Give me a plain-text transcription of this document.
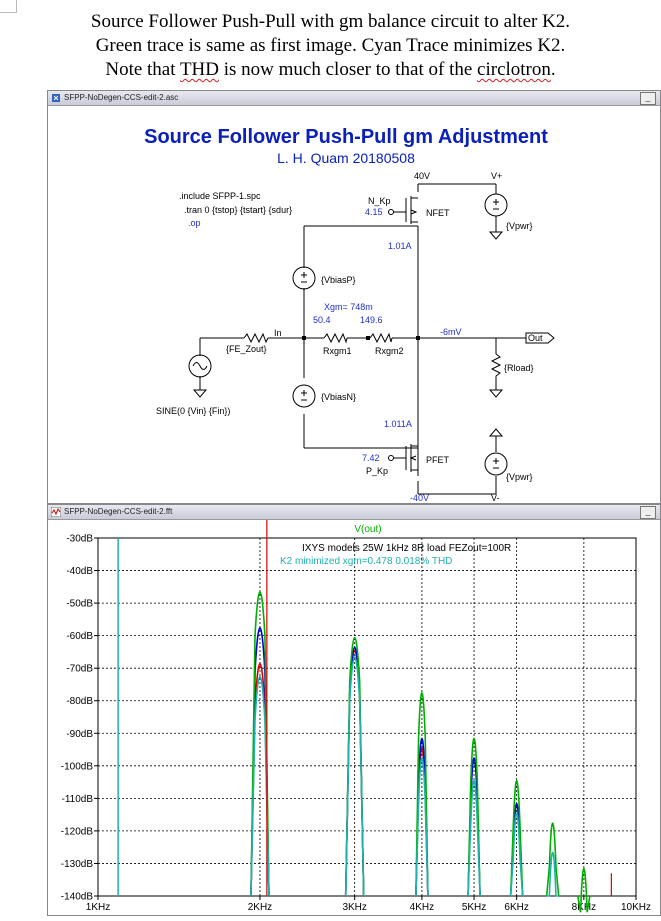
Source Follower Push-Pull with gm balance circuit to alter K2.
Green trace is same as first image. Cyan Trace minimizes K2.
Note that THD is now much closer to that of the circlotron.
SFPP-NoDegen-CCS-edit-2.asc	_
Source Follower Push-Pull gm Adjustment
L. H. Quam 20180508
.include SFPP-1.spc
.tran 0 {tstop} {tstart} {sdur}
.op
40V	V+
N_Kp
4.15	NFET
{Vpwr}
1.01A
{VbiasP}
Xgm= 748m
50.4	149.6
In
{FE_Zout}	Rxgm1	Rxgm2
-6mV
Out
{Rload}
SINE(0 {Vin} {Fin})
{VbiasN}
1.011A
7.42
P_Kp
PFET
{Vpwr}
-40V	V-
SFPP-NoDegen-CCS-edit-2.fft	_
-30dB
-40dB
-50dB
-60dB
-70dB
-80dB
-90dB
-100dB
-110dB
-120dB
-130dB
-140dB
1KHz	2KHz	3KHz	4KHz	5KHz 6KHz	8KHz 10KHz
V(out)
IXYS models 25W 1kHz 8R load FEZout=100R
K2 minimized xgm=0.478 0.018% THD
